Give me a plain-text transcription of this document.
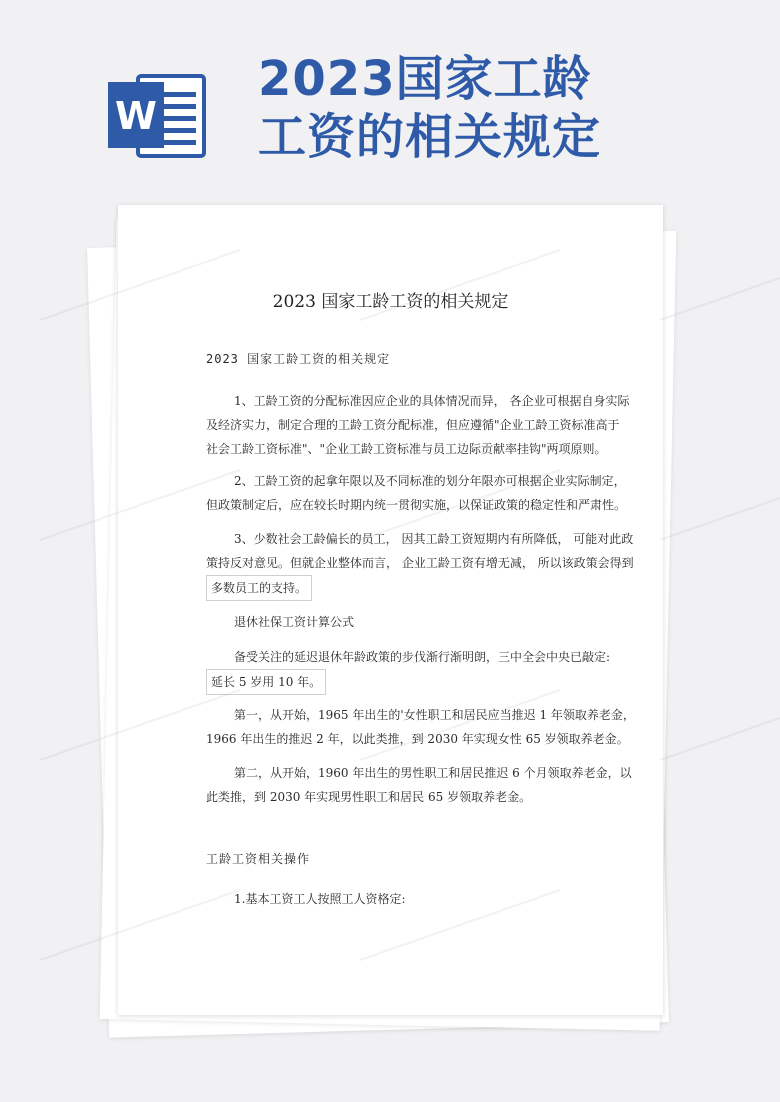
W
2023国家工龄
工资的相关规定
2023 国家工龄工资的相关规定
2023 国家工龄工资的相关规定
1、工龄工资的分配标准因应企业的具体情况而异， 各企业可根据自身实际
及经济实力，制定合理的工龄工资分配标准，但应遵循"企业工龄工资标准高于
社会工龄工资标准"、"企业工龄工资标准与员工边际贡献率挂钩"两项原则。
2、工龄工资的起拿年限以及不同标准的划分年限亦可根据企业实际制定，
但政策制定后，应在较长时期内统一贯彻实施，以保证政策的稳定性和严肃性。
3、少数社会工龄偏长的员工， 因其工龄工资短期内有所降低， 可能对此政
策持反对意见。但就企业整体而言， 企业工龄工资有增无减， 所以该政策会得到
多数员工的支持。
退休社保工资计算公式
备受关注的延迟退休年龄政策的步伐渐行渐明朗，三中全会中央已敲定:
延长 5 岁用 10 年。
第一，从开始，1965 年出生的'女性职工和居民应当推迟 1 年领取养老金，
1966 年出生的推迟 2 年，以此类推，到 2030 年实现女性 65 岁领取养老金。
第二，从开始，1960 年出生的男性职工和居民推迟 6 个月领取养老金，以
此类推，到 2030 年实现男性职工和居民 65 岁领取养老金。
工龄工资相关操作
1.基本工资工人按照工人资格定:
